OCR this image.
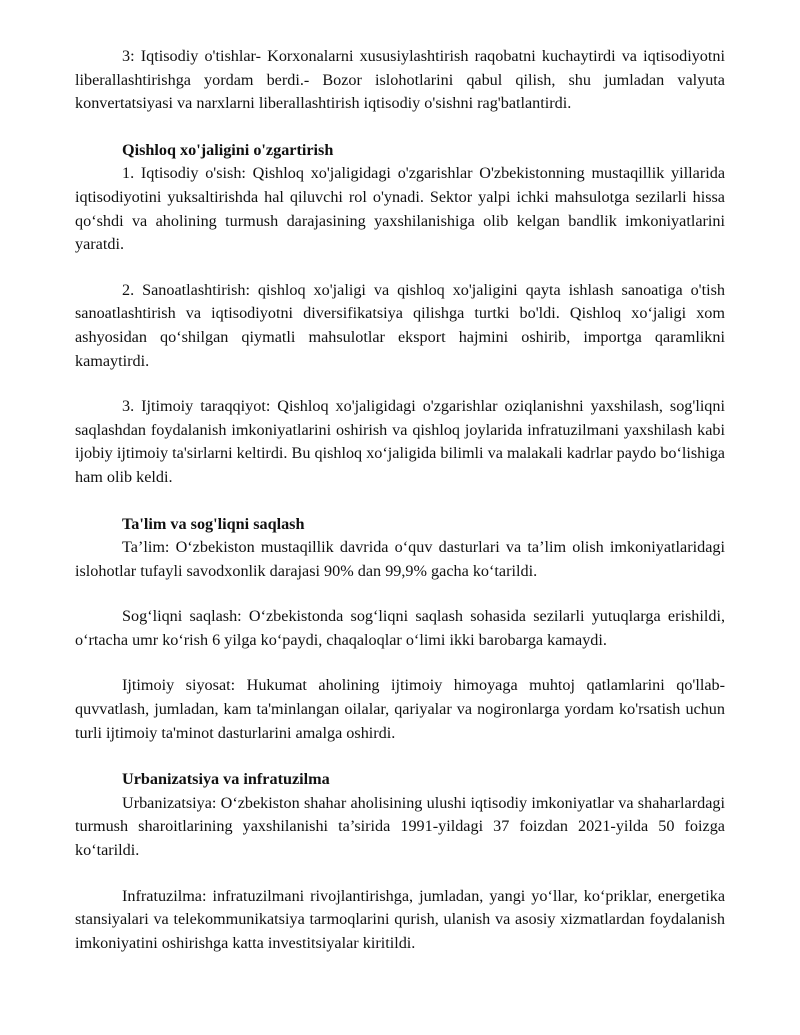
3: Iqtisodiy o'tishlar- Korxonalarni xususiylashtirish raqobatni kuchaytirdi va iqtisodiyotni liberallashtirishga yordam berdi.- Bozor islohotlarini qabul qilish, shu jumladan valyuta konvertatsiyasi va narxlarni liberallashtirish iqtisodiy o'sishni rag'batlantirdi.

Qishloq xo'jaligini o'zgartirish

1. Iqtisodiy o'sish: Qishloq xo'jaligidagi o'zgarishlar O'zbekistonning mustaqillik yillarida iqtisodiyotini yuksaltirishda hal qiluvchi rol o'ynadi. Sektor yalpi ichki mahsulotga sezilarli hissa qo‘shdi va aholining turmush darajasining yaxshilanishiga olib kelgan bandlik imkoniyatlarini yaratdi.

2. Sanoatlashtirish: qishloq xo'jaligi va qishloq xo'jaligini qayta ishlash sanoatiga o'tish sanoatlashtirish va iqtisodiyotni diversifikatsiya qilishga turtki bo'ldi. Qishloq xo‘jaligi xom ashyosidan qo‘shilgan qiymatli mahsulotlar eksport hajmini oshirib, importga qaramlikni kamaytirdi.

3. Ijtimoiy taraqqiyot: Qishloq xo'jaligidagi o'zgarishlar oziqlanishni yaxshilash, sog'liqni saqlashdan foydalanish imkoniyatlarini oshirish va qishloq joylarida infratuzilmani yaxshilash kabi ijobiy ijtimoiy ta'sirlarni keltirdi. Bu qishloq xo‘jaligida bilimli va malakali kadrlar paydo bo‘lishiga ham olib keldi.

Ta'lim va sog'liqni saqlash

Ta’lim: O‘zbekiston mustaqillik davrida o‘quv dasturlari va ta’lim olish imkoniyatlaridagi islohotlar tufayli savodxonlik darajasi 90% dan 99,9% gacha ko‘tarildi.

Sog‘liqni saqlash: O‘zbekistonda sog‘liqni saqlash sohasida sezilarli yutuqlarga erishildi, o‘rtacha umr ko‘rish 6 yilga ko‘paydi, chaqaloqlar o‘limi ikki barobarga kamaydi.

Ijtimoiy siyosat: Hukumat aholining ijtimoiy himoyaga muhtoj qatlamlarini qo'llab-quvvatlash, jumladan, kam ta'minlangan oilalar, qariyalar va nogironlarga yordam ko'rsatish uchun turli ijtimoiy ta'minot dasturlarini amalga oshirdi.

Urbanizatsiya va infratuzilma

Urbanizatsiya: O‘zbekiston shahar aholisining ulushi iqtisodiy imkoniyatlar va shaharlardagi turmush sharoitlarining yaxshilanishi ta’sirida 1991-yildagi 37 foizdan 2021-yilda 50 foizga ko‘tarildi.

Infratuzilma: infratuzilmani rivojlantirishga, jumladan, yangi yo‘llar, ko‘priklar, energetika stansiyalari va telekommunikatsiya tarmoqlarini qurish, ulanish va asosiy xizmatlardan foydalanish imkoniyatini oshirishga katta investitsiyalar kiritildi.
